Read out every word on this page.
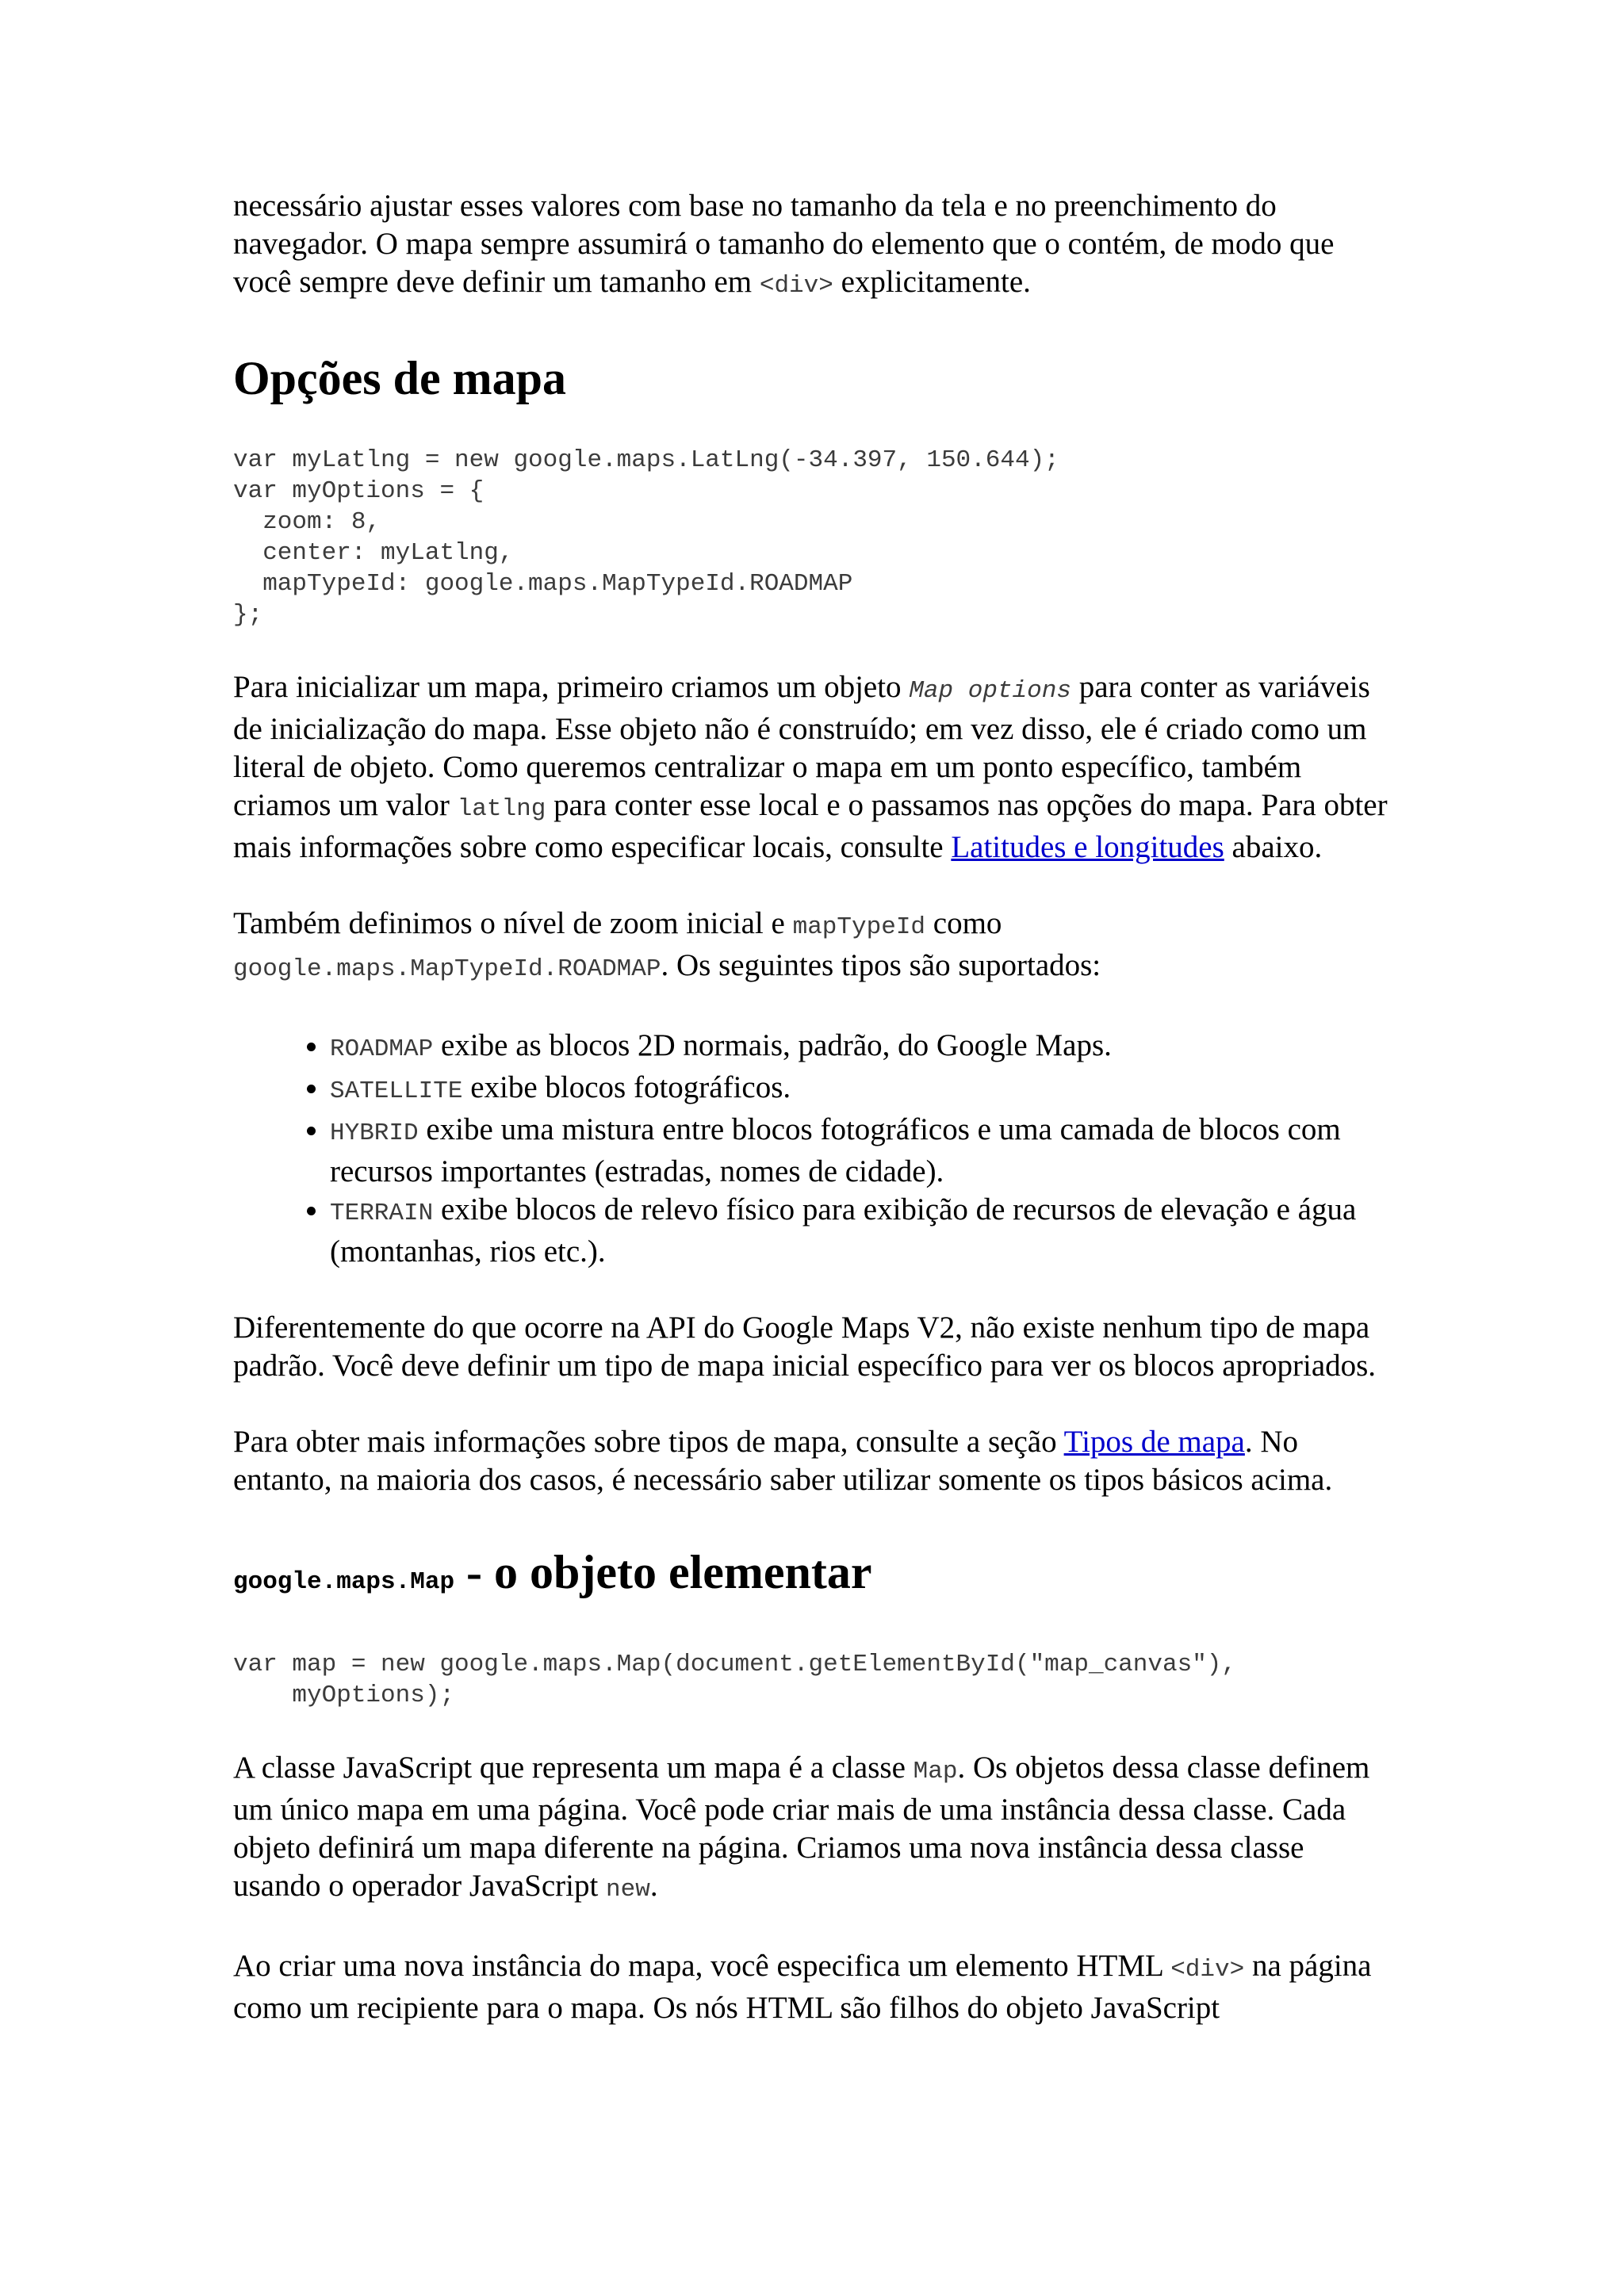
necessário ajustar esses valores com base no tamanho da tela e no preenchimento do navegador. O mapa sempre assumirá o tamanho do elemento que o contém, de modo que você sempre deve definir um tamanho em <div> explicitamente.

Opções de mapa
var myLatlng = new google.maps.LatLng(-34.397, 150.644);
var myOptions = {
zoom: 8,
center: myLatlng,
mapTypeId: google.maps.MapTypeId.ROADMAP
};

Para inicializar um mapa, primeiro criamos um objeto Map options para conter as variáveis de inicialização do mapa. Esse objeto não é construído; em vez disso, ele é criado como um literal de objeto. Como queremos centralizar o mapa em um ponto específico, também criamos um valor latlng para conter esse local e o passamos nas opções do mapa. Para obter mais informações sobre como especificar locais, consulte Latitudes e longitudes abaixo.

Também definimos o nível de zoom inicial e mapTypeId como google.maps.MapTypeId.ROADMAP. Os seguintes tipos são suportados:

• ROADMAP exibe as blocos 2D normais, padrão, do Google Maps.
• SATELLITE exibe blocos fotográficos.
• HYBRID exibe uma mistura entre blocos fotográficos e uma camada de blocos com recursos importantes (estradas, nomes de cidade).
• TERRAIN exibe blocos de relevo físico para exibição de recursos de elevação e água (montanhas, rios etc.).

Diferentemente do que ocorre na API do Google Maps V2, não existe nenhum tipo de mapa padrão. Você deve definir um tipo de mapa inicial específico para ver os blocos apropriados.

Para obter mais informações sobre tipos de mapa, consulte a seção Tipos de mapa. No entanto, na maioria dos casos, é necessário saber utilizar somente os tipos básicos acima.

google.maps.Map - o objeto elementar
var map = new google.maps.Map(document.getElementById("map_canvas"),
myOptions);

A classe JavaScript que representa um mapa é a classe Map. Os objetos dessa classe definem um único mapa em uma página. Você pode criar mais de uma instância dessa classe. Cada objeto definirá um mapa diferente na página. Criamos uma nova instância dessa classe usando o operador JavaScript new.

Ao criar uma nova instância do mapa, você especifica um elemento HTML <div> na página como um recipiente para o mapa. Os nós HTML são filhos do objeto JavaScript
